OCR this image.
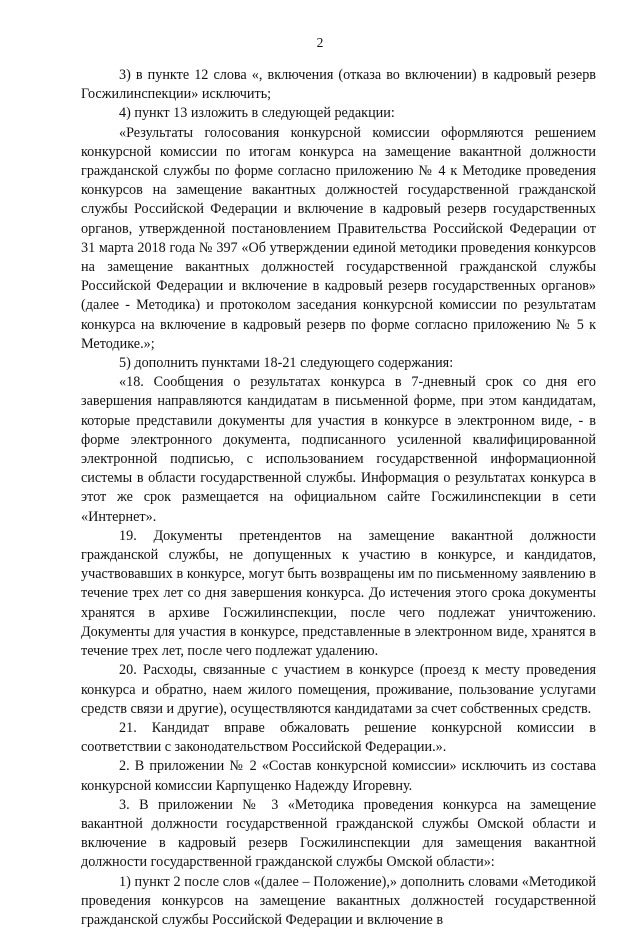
2

3) в пункте 12 слова «, включения (отказа во включении) в кадровый резерв Госжилинспекции» исключить;

4) пункт 13 изложить в следующей редакции:

«Результаты голосования конкурсной комиссии оформляются решением конкурсной комиссии по итогам конкурса на замещение вакантной должности гражданской службы по форме согласно приложению № 4 к Методике проведения конкурсов на замещение вакантных должностей государственной гражданской службы Российской Федерации и включение в кадровый резерв государственных органов, утвержденной постановлением Правительства Российской Федерации от 31 марта 2018 года № 397 «Об утверждении единой методики проведения конкурсов на замещение вакантных должностей государственной гражданской службы Российской Федерации и включение в кадровый резерв государственных органов» (далее - Методика) и протоколом заседания конкурсной комиссии по результатам конкурса на включение в кадровый резерв по форме согласно приложению № 5 к Методике.»;

5) дополнить пунктами 18-21 следующего содержания:

«18. Сообщения о результатах конкурса в 7-дневный срок со дня его завершения направляются кандидатам в письменной форме, при этом кандидатам, которые представили документы для участия в конкурсе в электронном виде, - в форме электронного документа, подписанного усиленной квалифицированной электронной подписью, с использованием государственной информационной системы в области государственной службы. Информация о результатах конкурса в этот же срок размещается на официальном сайте Госжилинспекции в сети «Интернет».

19. Документы претендентов на замещение вакантной должности гражданской службы, не допущенных к участию в конкурсе, и кандидатов, участвовавших в конкурсе, могут быть возвращены им по письменному заявлению в течение трех лет со дня завершения конкурса. До истечения этого срока документы хранятся в архиве Госжилинспекции, после чего подлежат уничтожению. Документы для участия в конкурсе, представленные в электронном виде, хранятся в течение трех лет, после чего подлежат удалению.

20. Расходы, связанные с участием в конкурсе (проезд к месту проведения конкурса и обратно, наем жилого помещения, проживание, пользование услугами средств связи и другие), осуществляются кандидатами за счет собственных средств.

21. Кандидат вправе обжаловать решение конкурсной комиссии в соответствии с законодательством Российской Федерации.».

2. В приложении № 2 «Состав конкурсной комиссии» исключить из состава конкурсной комиссии Карпущенко Надежду Игоревну.

3. В приложении № 3 «Методика проведения конкурса на замещение вакантной должности государственной гражданской службы Омской области и включение в кадровый резерв Госжилинспекции для замещения вакантной должности государственной гражданской службы Омской области»:

1) пункт 2 после слов «(далее – Положение),» дополнить словами «Методикой проведения конкурсов на замещение вакантных должностей государственной гражданской службы Российской Федерации и включение в
